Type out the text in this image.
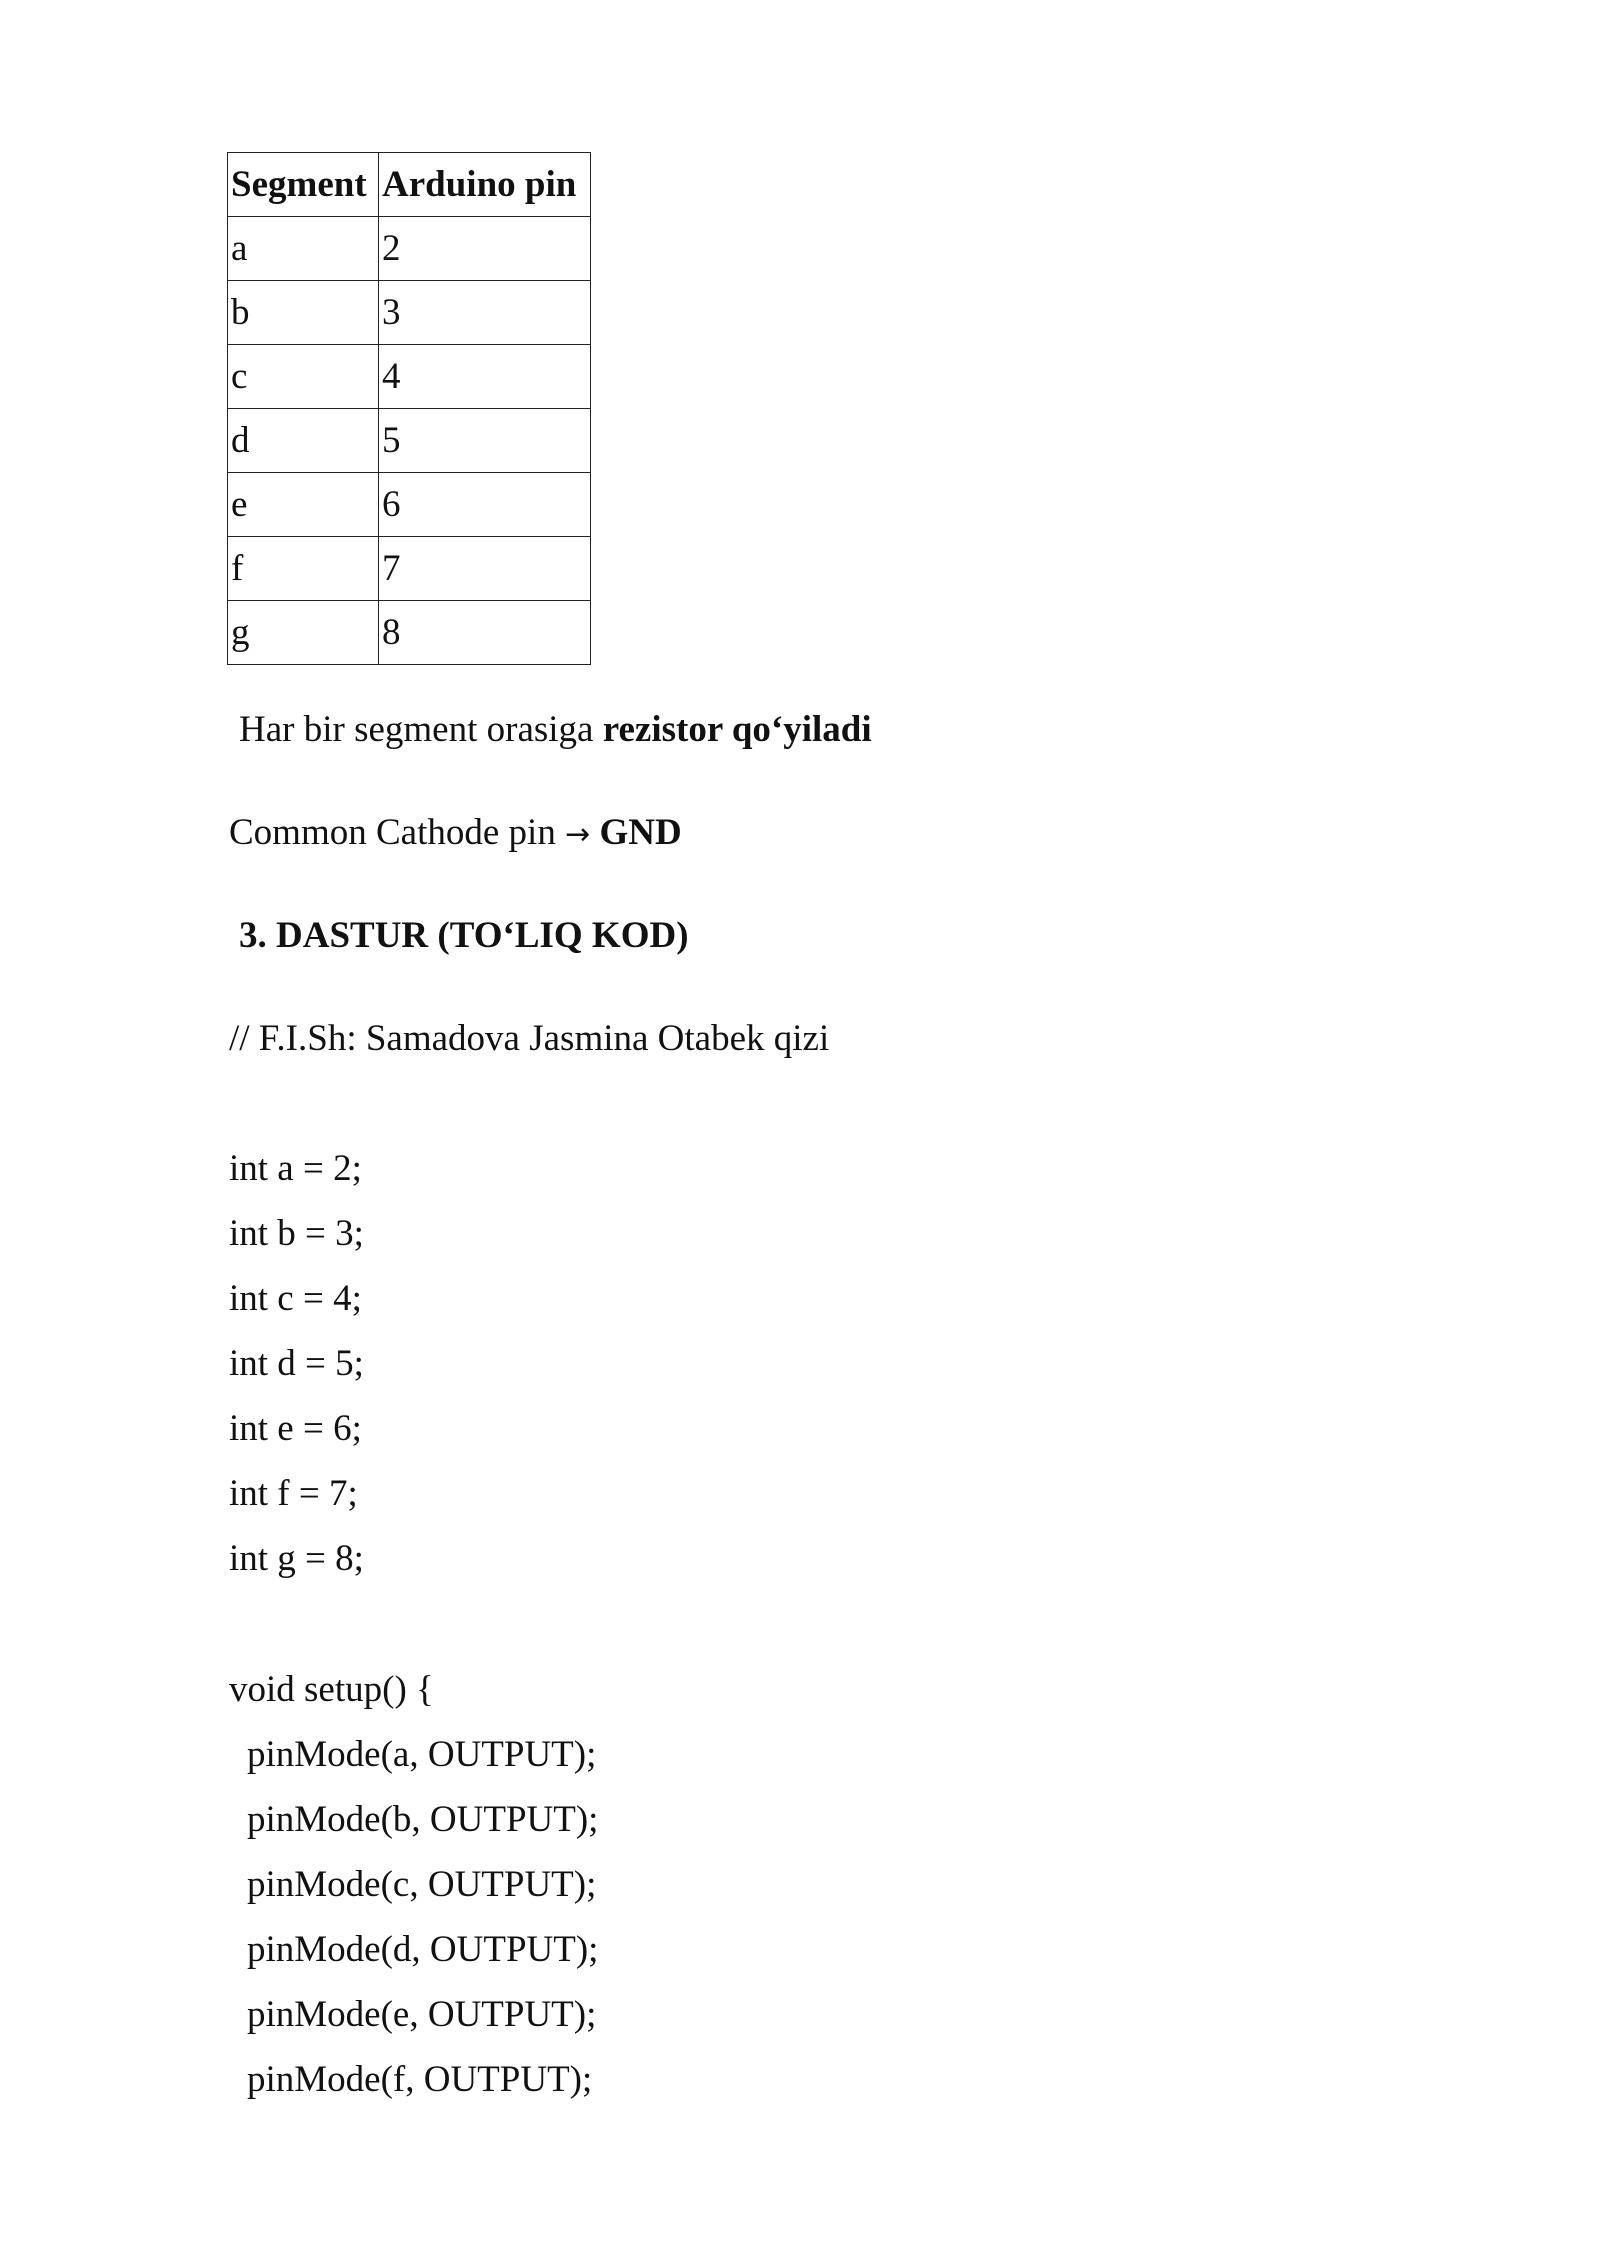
Segment	Arduino pin
a	2
b	3
c	4
d	5
e	6
f	7
g	8
Har bir segment orasiga rezistor qo‘yiladi
Common Cathode pin → GND
3. DASTUR (TO‘LIQ KOD)
// F.I.Sh: Samadova Jasmina Otabek qizi
int a = 2;
int b = 3;
int c = 4;
int d = 5;
int e = 6;
int f = 7;
int g = 8;
void setup() {
pinMode(a, OUTPUT);
pinMode(b, OUTPUT);
pinMode(c, OUTPUT);
pinMode(d, OUTPUT);
pinMode(e, OUTPUT);
pinMode(f, OUTPUT);
